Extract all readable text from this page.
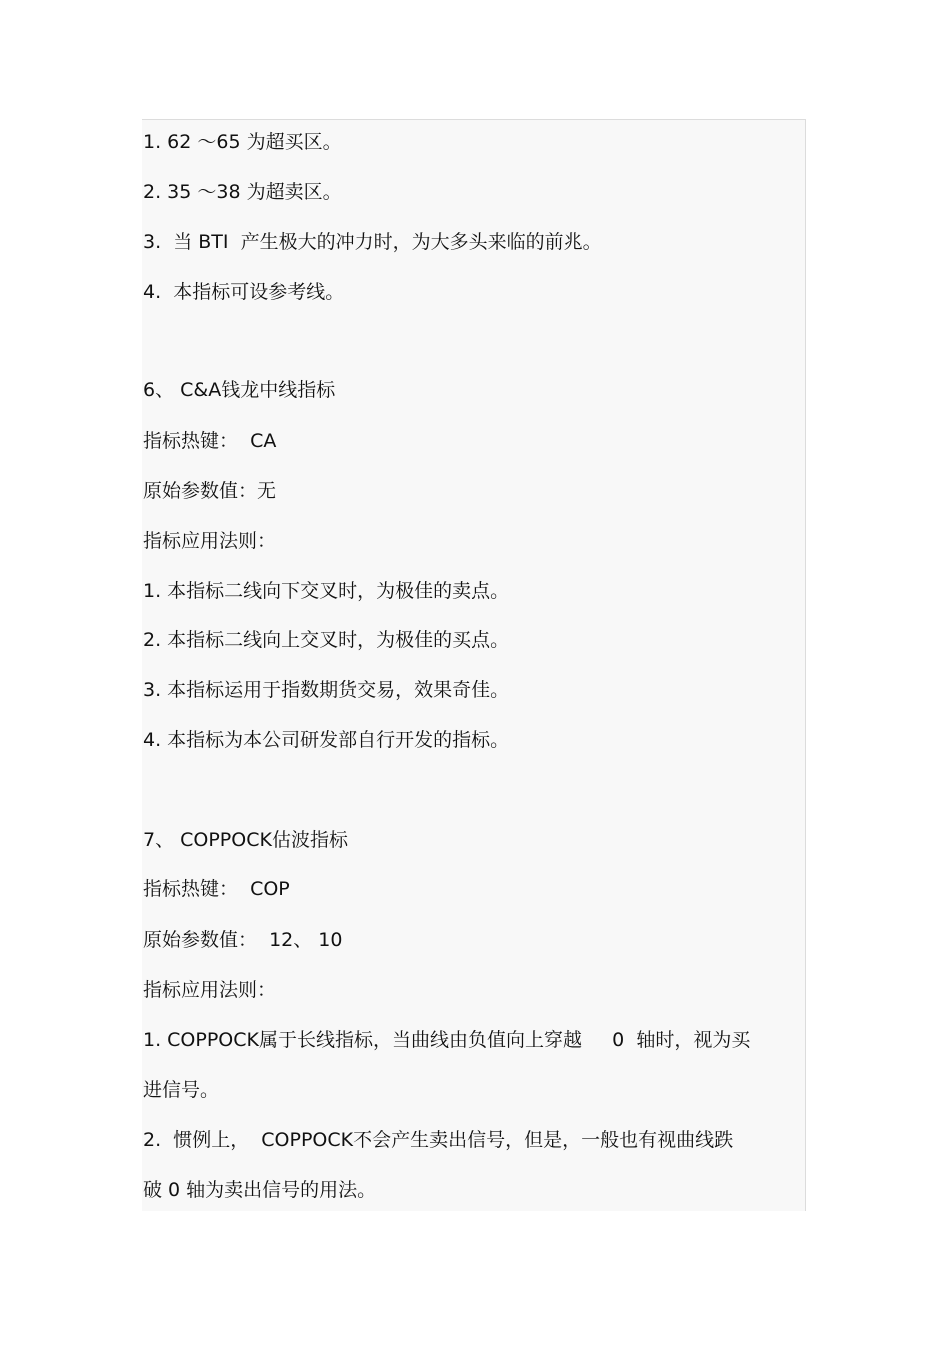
1. 62 ～65 为超买区。
2. 35 ～38 为超卖区。
3.  当 BTI  产生极大的冲力时，为大多头来临的前兆。
4.  本指标可设参考线。
6、 C&A钱龙中线指标
指标热键：  CA
原始参数值：无
指标应用法则：
1. 本指标二线向下交叉时，为极佳的卖点。
2. 本指标二线向上交叉时，为极佳的买点。
3. 本指标运用于指数期货交易，效果奇佳。
4. 本指标为本公司研发部自行开发的指标。
7、 COPPOCK估波指标
指标热键：  COP
原始参数值：  12、 10
指标应用法则：
1. COPPOCK属于长线指标，当曲线由负值向上穿越     0  轴时，视为买
进信号。
2.  惯例上，  COPPOCK不会产生卖出信号，但是，一般也有视曲线跌
破 0 轴为卖出信号的用法。
